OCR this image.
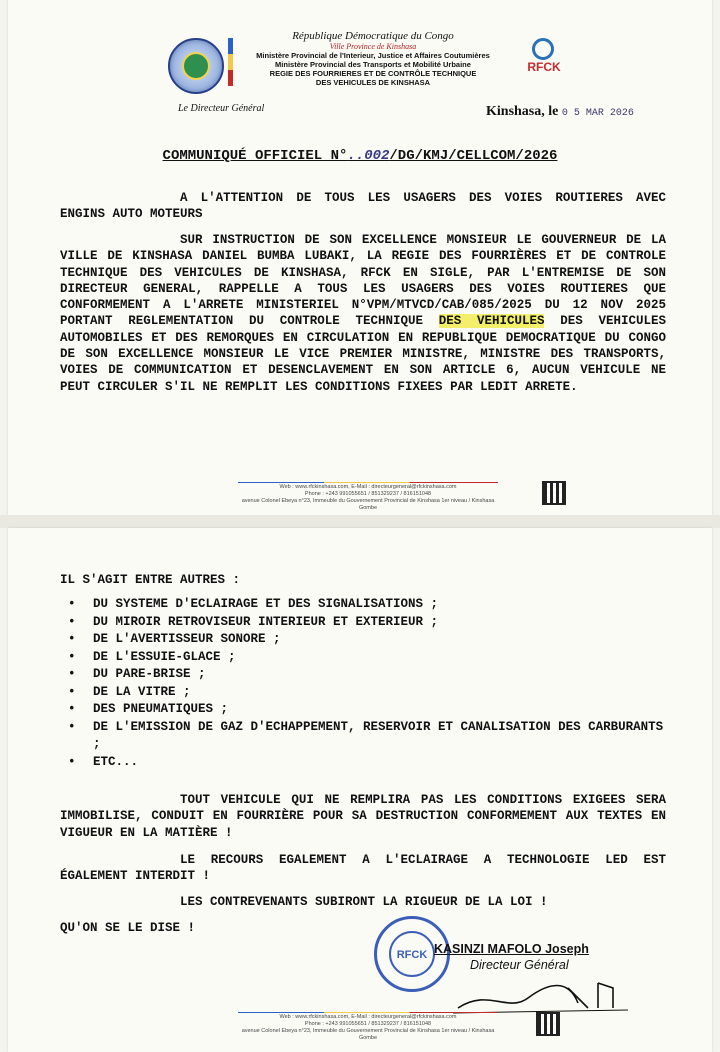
République Démocratique du Congo
Ville Province de Kinshasa
Ministère Provincial de l'Interieur, Justice et Affaires Coutumières
Ministère Provincial des Transports et Mobilité Urbaine
REGIE DES FOURRIERES ET DE CONTRÔLE TECHNIQUE
DES VEHICULES DE KINSHASA
RFCK
Le Directeur Général	Kinshasa, le 0 5 MAR 2026
COMMUNIQUÉ OFFICIEL N°..002/DG/KMJ/CELLCOM/2026
A L'ATTENTION DE TOUS LES USAGERS DES VOIES ROUTIERES AVEC ENGINS AUTO MOTEURS
SUR INSTRUCTION DE SON EXCELLENCE MONSIEUR LE GOUVERNEUR DE LA VILLE DE KINSHASA DANIEL BUMBA LUBAKI, LA REGIE DES FOURRIÈRES ET DE CONTROLE TECHNIQUE DES VEHICULES DE KINSHASA, RFCK EN SIGLE, PAR L'ENTREMISE DE SON DIRECTEUR GENERAL, RAPPELLE A TOUS LES USAGERS DES VOIES ROUTIERES QUE CONFORMEMENT A L'ARRETE MINISTERIEL N°VPM/MTVCD/CAB/085/2025 DU 12 NOV 2025 PORTANT REGLEMENTATION DU CONTROLE TECHNIQUE DES VEHICULES DES VEHICULES AUTOMOBILES ET DES REMORQUES EN CIRCULATION EN REPUBLIQUE DEMOCRATIQUE DU CONGO DE SON EXCELLENCE MONSIEUR LE VICE PREMIER MINISTRE, MINISTRE DES TRANSPORTS, VOIES DE COMMUNICATION ET DESENCLAVEMENT EN SON ARTICLE 6, AUCUN VEHICULE NE PEUT CIRCULER S'IL NE REMPLIT LES CONDITIONS FIXEES PAR LEDIT ARRETE.
Web : www.rfckinshasa.com, E-Mail : directeurgeneral@rfckinshasa.com
Phone : +243 991055651 / 851329237 / 816151048
avenue Colonel Ebeya n°23, Immeuble du Gouvernement Provincial de Kinshasa 1er niveau / Kinshasa Gombe
IL S'AGIT ENTRE AUTRES :
• DU SYSTEME D'ECLAIRAGE ET DES SIGNALISATIONS ;
• DU MIROIR RETROVISEUR INTERIEUR ET EXTERIEUR ;
• DE L'AVERTISSEUR SONORE ;
• DE L'ESSUIE-GLACE ;
• DU PARE-BRISE ;
• DE LA VITRE ;
• DES PNEUMATIQUES ;
• DE L'EMISSION DE GAZ D'ECHAPPEMENT, RESERVOIR ET CANALISATION DES CARBURANTS ;
• ETC...
TOUT VEHICULE QUI NE REMPLIRA PAS LES CONDITIONS EXIGEES SERA IMMOBILISE, CONDUIT EN FOURRIÈRE POUR SA DESTRUCTION CONFORMEMENT AUX TEXTES EN VIGUEUR EN LA MATIÈRE !
LE RECOURS EGALEMENT A L'ECLAIRAGE A TECHNOLOGIE LED EST ÉGALEMENT INTERDIT !
LES CONTREVENANTS SUBIRONT LA RIGUEUR DE LA LOI !
QU'ON SE LE DISE !
RFCK KASINZI MAFOLO Joseph
Directeur Général
Web : www.rfckinshasa.com, E-Mail : directeurgeneral@rfckinshasa.com
Phone : +243 991055651 / 851329237 / 816151048
avenue Colonel Ebeya n°23, Immeuble du Gouvernement Provincial de Kinshasa 1er niveau / Kinshasa Gombe
